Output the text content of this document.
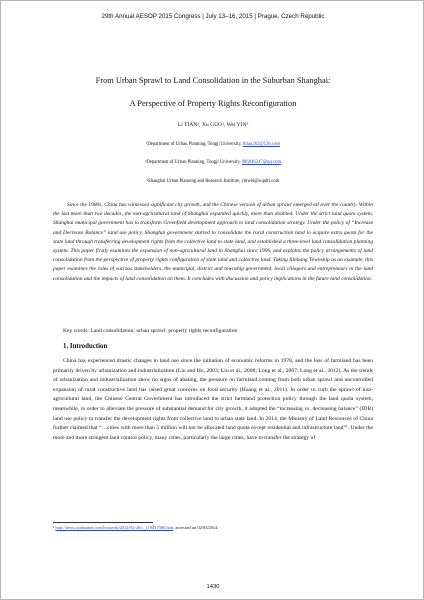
29th Annual AESOP 2015 Congress | July 13–16, 2015 | Prague, Czech Republic
From Urban Sprawl to Land Consolidation in the Suburban Shanghai:
A Perspective of Property Rights Reconfiguration
Li TIAN¹, Xu GUO², Wei YIN³
¹Department of Urban Planning, Tongji University, litian262@126.com
²Department of Urban Planning, Tongji University, 986046347@qq.com
³Shanghai Urban Planning and Research Institute, yinwei@supdri.com
Since the 1980s, China has witnessed significant city growth, and the Chinese version of urban sprawl emerged all over the country. Within the last more than two decades, the non-agricultural land of Shanghai expanded quickly, more than doubled. Under the strict land quota system, Shanghai municipal government has to transform Greenfield development approach to land consolidation strategy. Under the policy of “Increase and Decrease Balance” land use policy, Shanghai government started to consolidate the rural construction land to acquire extra quota for the state land through transferring development rights from the collective land to state land, and established a three-level land consolidation planning system. This paper firstly examines the expansion of non-agricultural land in Shanghai since 1990, and explains the policy arrangements of land consolidation from the perspective of property rights configuration of state land and collective land. Taking Xinbang Township as an example, this paper examines the roles of various stakeholders, the municipal, district and township government, local villagers and entrepreneurs in the land consolidation and the impacts of land consolidation on them. It concludes with discussion and policy implications in the future land consolidation.
Key words: Land consolidation; urban sprawl; property rights reconfiguration
1. Introduction
China has experienced drastic changes in land use since the initiation of economic reforms in 1978, and the loss of farmland has been primarily driven by urbanization and industrialization (Lin and Ho, 2003; Liu et al., 2008; Long et al., 2007; Long et al., 2012). As the trends of urbanization and industrialization show no signs of abating, the pressure on farmland coming from both urban sprawl and uncontrolled expansion of rural constructive land has raised great concerns on food security (Huang et al., 2011). In order to curb the sprawl of non-agricultural land, the Chinese Central Government has introduced the strict farmland protection policy through the land quota system, meanwhile, in order to alleviate the pressure of substantial demand for city growth, it adopted the “increasing vs. decreasing balance” (IDB) land use policy to transfer the development rights from collective land to urban state land. In 2014, the Ministry of Land Resources of China further claimed that “…cities with more than 5 million will not be allocated land quota except residential and infrastructure land”¹. Under the more and more stringent land control policy, many cities, particularly the large cities, have to transfer the strategy of
¹ http://news.xinhuanet.com/house/sh/2014-02-26/c_119417080.htm, accessed on 02/03/2014.
1430
